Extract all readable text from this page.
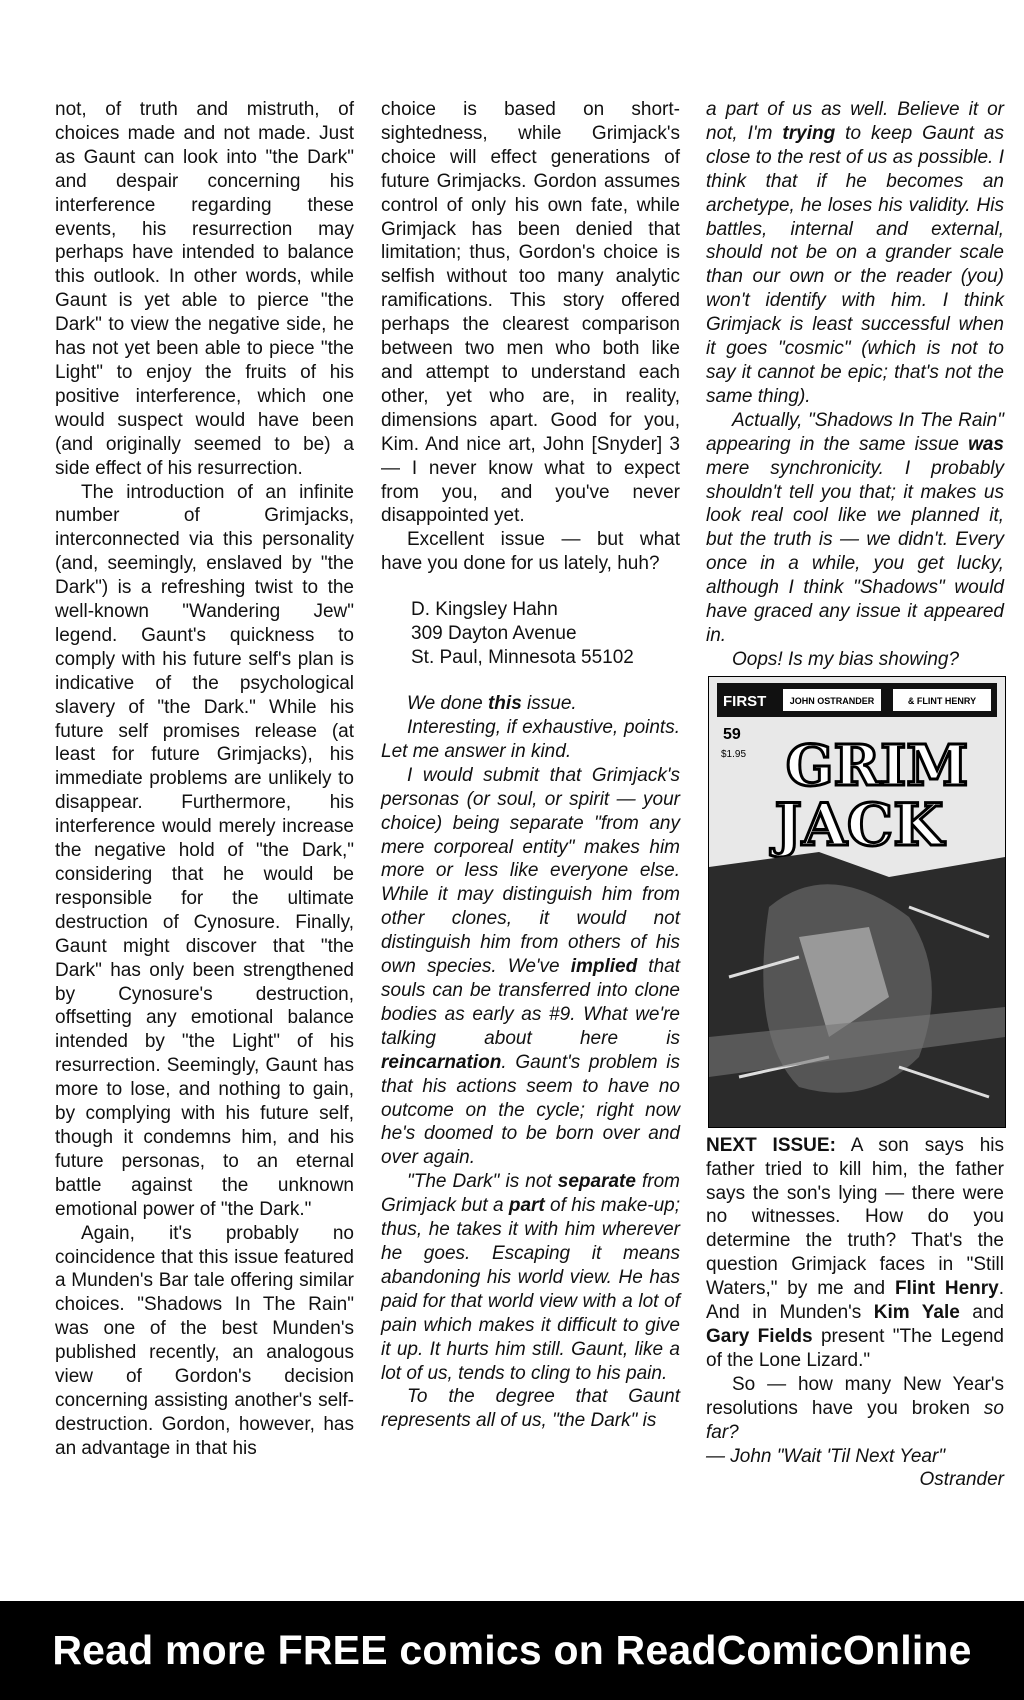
not, of truth and mistruth, of choices made and not made. Just as Gaunt can look into "the Dark" and despair concerning his interference regarding these events, his resurrection may perhaps have intended to balance this outlook. In other words, while Gaunt is yet able to pierce "the Dark" to view the negative side, he has not yet been able to piece "the Light" to enjoy the fruits of his positive interference, which one would suspect would have been (and originally seemed to be) a side effect of his resurrection.

The introduction of an infinite number of Grimjacks, interconnected via this personality (and, seemingly, enslaved by "the Dark") is a refreshing twist to the well-known "Wandering Jew" legend. Gaunt's quickness to comply with his future self's plan is indicative of the psychological slavery of "the Dark." While his future self promises release (at least for future Grimjacks), his immediate problems are unlikely to disappear. Furthermore, his interference would merely increase the negative hold of "the Dark," considering that he would be responsible for the ultimate destruction of Cynosure. Finally, Gaunt might discover that "the Dark" has only been strengthened by Cynosure's destruction, offsetting any emotional balance intended by "the Light" of his resurrection. Seemingly, Gaunt has more to lose, and nothing to gain, by complying with his future self, though it condemns him, and his future personas, to an eternal battle against the unknown emotional power of "the Dark."

Again, it's probably no coincidence that this issue featured a Munden's Bar tale offering similar choices. "Shadows In The Rain" was one of the best Munden's published recently, an analogous view of Gordon's decision concerning assisting another's self-destruction. Gordon, however, has an advantage in that his

choice is based on short-sightedness, while Grimjack's choice will effect generations of future Grimjacks. Gordon assumes control of only his own fate, while Grimjack has been denied that limitation; thus, Gordon's choice is selfish without too many analytic ramifications. This story offered perhaps the clearest comparison between two men who both like and attempt to understand each other, yet who are, in reality, dimensions apart. Good for you, Kim. And nice art, John [Snyder] 3 — I never know what to expect from you, and you've never disappointed yet.

Excellent issue — but what have you done for us lately, huh?

D. Kingsley Hahn
309 Dayton Avenue
St. Paul, Minnesota 55102

We done this issue.

Interesting, if exhaustive, points. Let me answer in kind.

I would submit that Grimjack's personas (or soul, or spirit — your choice) being separate "from any mere corporeal entity" makes him more or less like everyone else. While it may distinguish him from other clones, it would not distinguish him from others of his own species. We've implied that souls can be transferred into clone bodies as early as #9. What we're talking about here is reincarnation. Gaunt's problem is that his actions seem to have no outcome on the cycle; right now he's doomed to be born over and over again.

"The Dark" is not separate from Grimjack but a part of his make-up; thus, he takes it with him wherever he goes. Escaping it means abandoning his world view. He has paid for that world view with a lot of pain which makes it difficult to give it up. It hurts him still. Gaunt, like a lot of us, tends to cling to his pain.

To the degree that Gaunt represents all of us, "the Dark" is

a part of us as well. Believe it or not, I'm trying to keep Gaunt as close to the rest of us as possible. I think that if he becomes an archetype, he loses his validity. His battles, internal and external, should not be on a grander scale than our own or the reader (you) won't identify with him. I think Grimjack is least successful when it goes "cosmic" (which is not to say it cannot be epic; that's not the same thing).

Actually, "Shadows In The Rain" appearing in the same issue was mere synchronicity. I probably shouldn't tell you that; it makes us look real cool like we planned it, but the truth is — we didn't. Every once in a while, you get lucky, although I think "Shadows" would have graced any issue it appeared in.

Oops! Is my bias showing?

FIRST	JOHN OSTRANDER	& FLINT HENRY
59
$1.95 GRIM
JACK

NEXT ISSUE: A son says his father tried to kill him, the father says the son's lying — there were no witnesses. How do you determine the truth? That's the question Grimjack faces in "Still Waters," by me and Flint Henry. And in Munden's Kim Yale and Gary Fields present "The Legend of the Lone Lizard."

So — how many New Year's resolutions have you broken so far?

— John "Wait 'Til Next Year"

Ostrander

Read more FREE comics on ReadComicOnline
